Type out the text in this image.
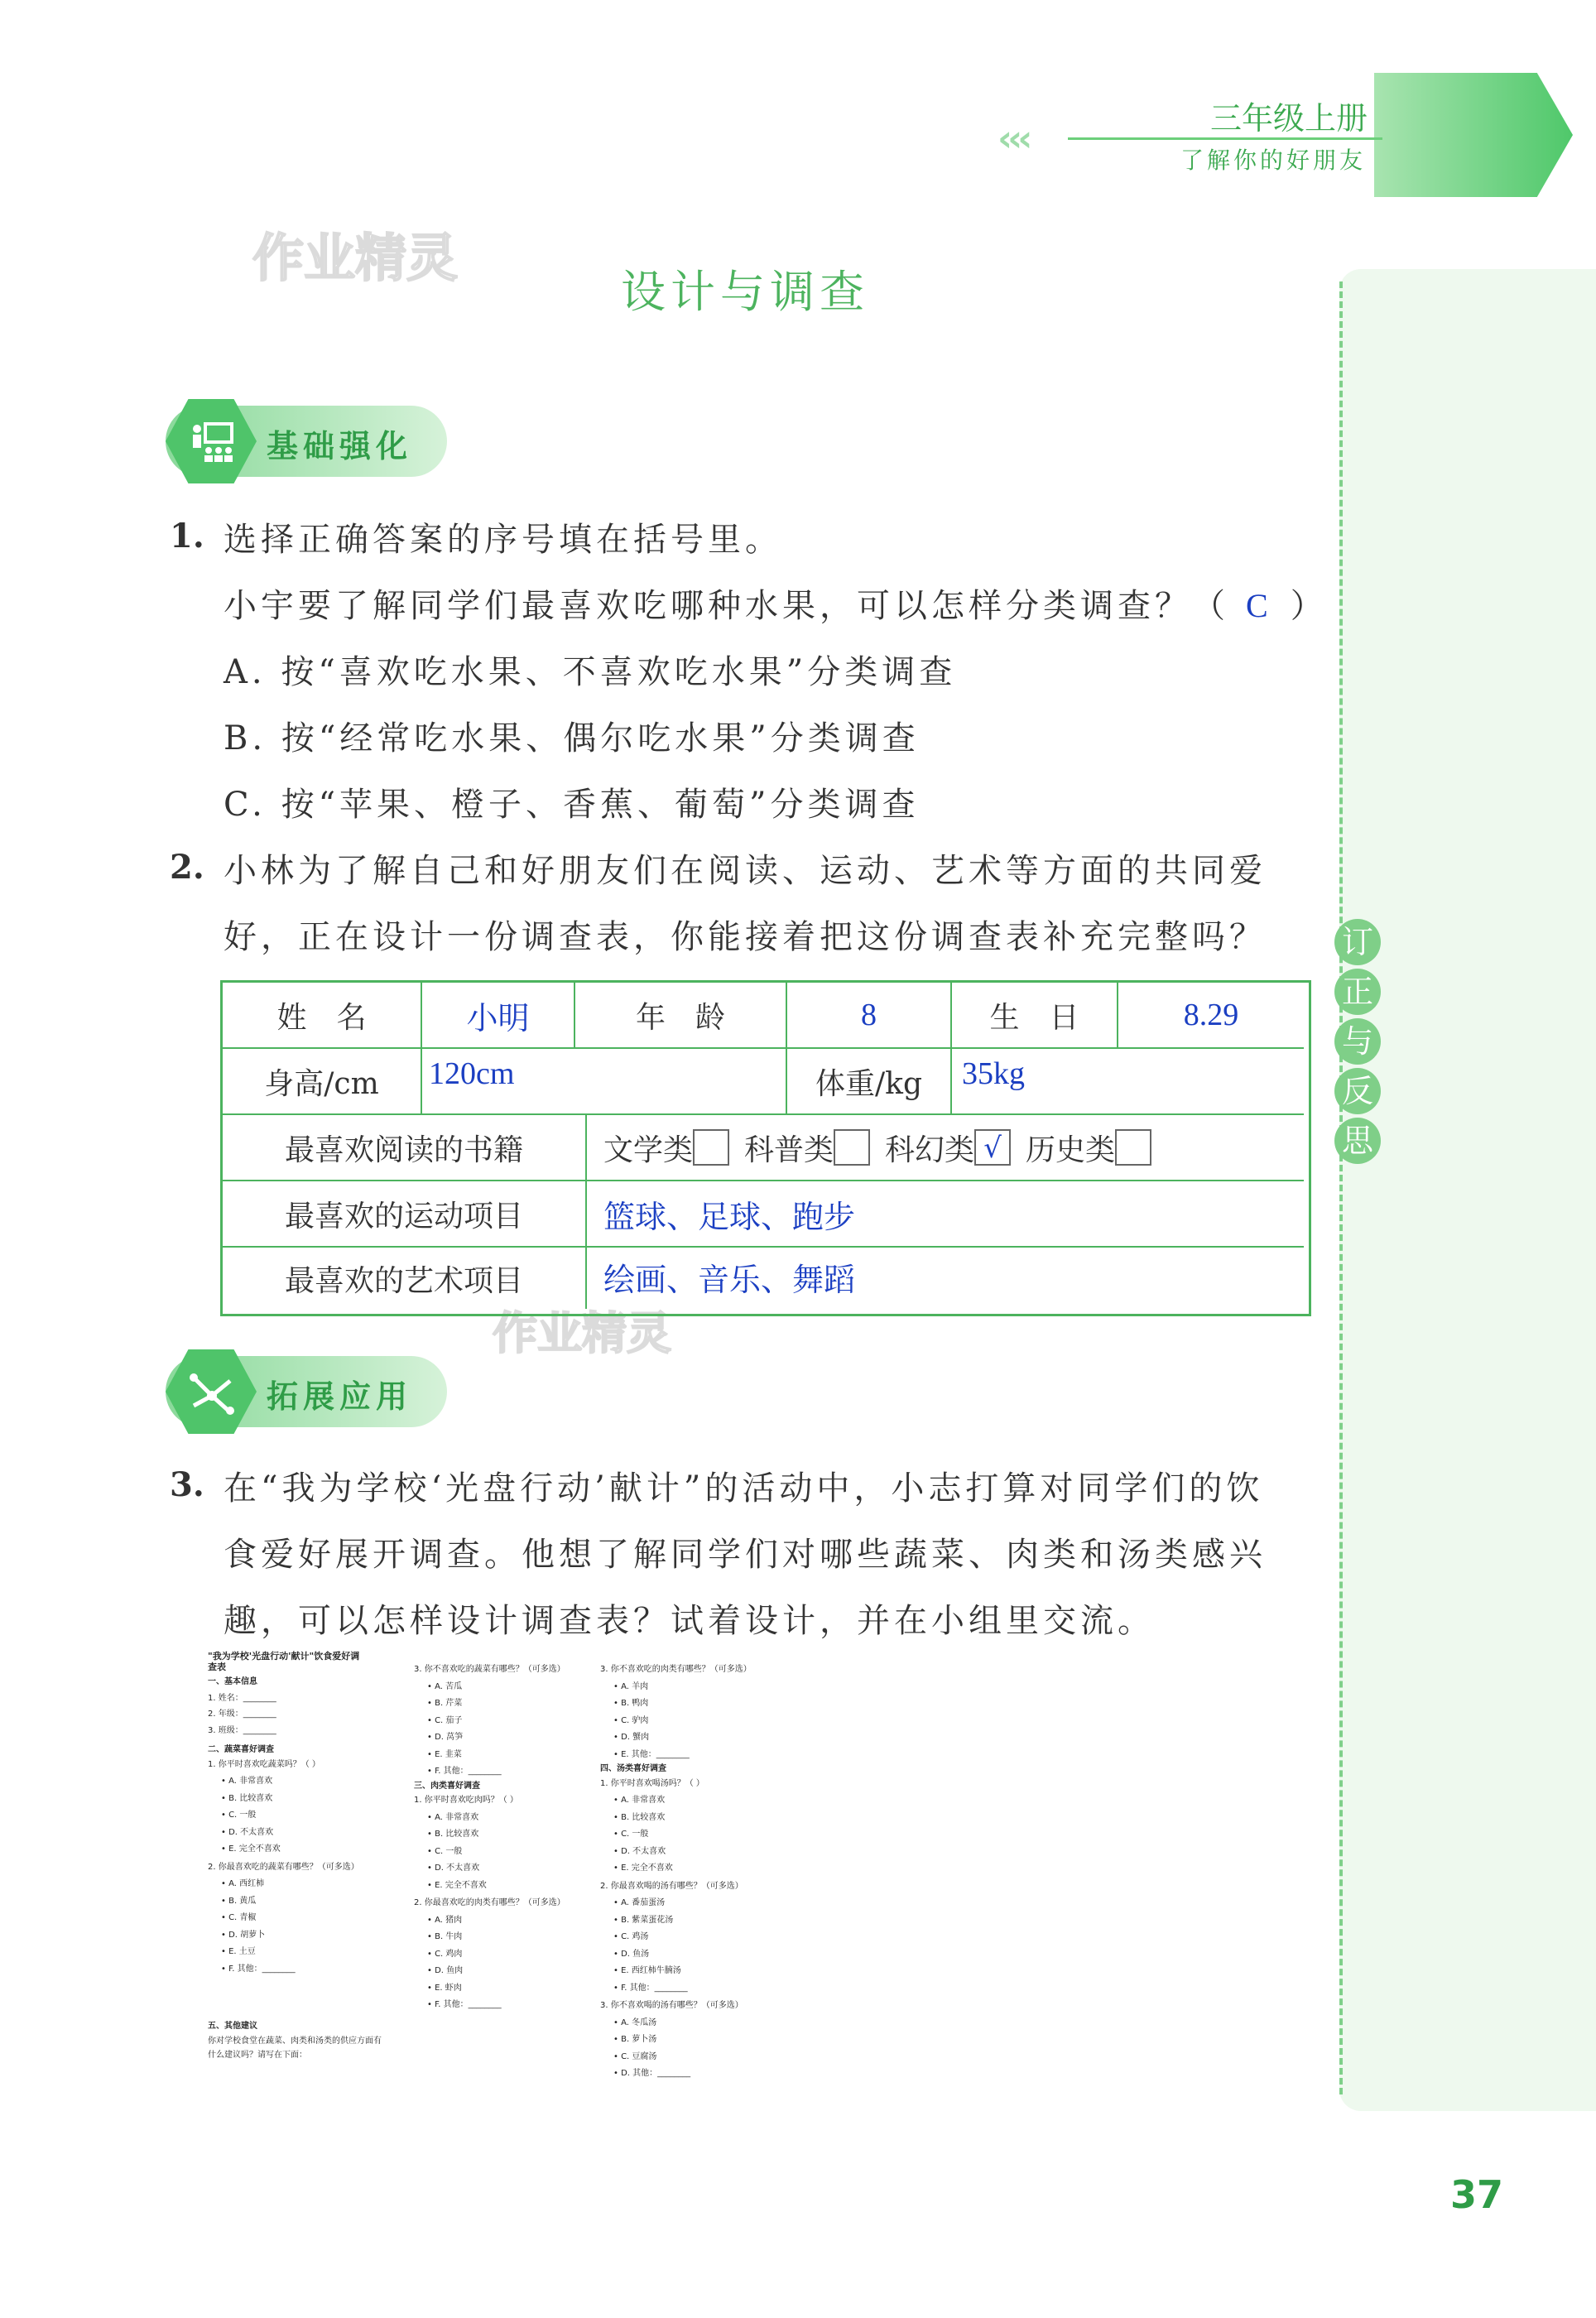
‹‹‹	三年级上册
了解你的好朋友
作业精灵
作业精灵
设计与调查
订
正
与
反
思
基础强化
1. 选择正确答案的序号填在括号里。
小宇要了解同学们最喜欢吃哪种水果，可以怎样分类调查？（ C ）
A. 按“喜欢吃水果、不喜欢吃水果”分类调查
B. 按“经常吃水果、偶尔吃水果”分类调查
C. 按“苹果、橙子、香蕉、葡萄”分类调查
2. 小林为了解自己和好朋友们在阅读、运动、艺术等方面的共同爱
好，正在设计一份调查表，你能接着把这份调查表补充完整吗？
姓　名	小明	年　龄	8	生　日	8.29
身高/cm	120cm	体重/kg	35kg
最喜欢阅读的书籍	文学类 科普类 科幻类 √ 历史类
最喜欢的运动项目	篮球、足球、跑步
最喜欢的艺术项目	绘画、音乐、舞蹈
拓展应用
3. 在“我为学校‘光盘行动’献计”的活动中，小志打算对同学们的饮
食爱好展开调查。他想了解同学们对哪些蔬菜、肉类和汤类感兴
趣，可以怎样设计调查表？试着设计，并在小组里交流。
"我为学校'光盘行动'献计"饮食爱好调
查表
一、基本信息
1. 姓名：________
2. 年级：________
3. 班级：________
二、蔬菜喜好调查
1. 你平时喜欢吃蔬菜吗？（ ）
• A. 非常喜欢
• B. 比较喜欢
• C. 一般
• D. 不太喜欢
• E. 完全不喜欢
2. 你最喜欢吃的蔬菜有哪些？（可多选）
• A. 西红柿
• B. 黄瓜
• C. 青椒
• D. 胡萝卜
• E. 土豆
• F. 其他：________
五、其他建议
你对学校食堂在蔬菜、肉类和汤类的供应方面有
什么建议吗？请写在下面：
3. 你不喜欢吃的蔬菜有哪些？（可多选）
• A. 苦瓜
• B. 芹菜
• C. 茄子
• D. 莴笋
• E. 韭菜
• F. 其他：________
三、肉类喜好调查
1. 你平时喜欢吃肉吗？（ ）
• A. 非常喜欢
• B. 比较喜欢
• C. 一般
• D. 不太喜欢
• E. 完全不喜欢
2. 你最喜欢吃的肉类有哪些？（可多选）
• A. 猪肉
• B. 牛肉
• C. 鸡肉
• D. 鱼肉
• E. 虾肉
• F. 其他：________
3. 你不喜欢吃的肉类有哪些？（可多选）
• A. 羊肉
• B. 鸭肉
• C. 驴肉
• D. 蟹肉
• E. 其他：________
四、汤类喜好调查
1. 你平时喜欢喝汤吗？（ ）
• A. 非常喜欢
• B. 比较喜欢
• C. 一般
• D. 不太喜欢
• E. 完全不喜欢
2. 你最喜欢喝的汤有哪些？（可多选）
• A. 番茄蛋汤
• B. 紫菜蛋花汤
• C. 鸡汤
• D. 鱼汤
• E. 西红柿牛腩汤
• F. 其他：________
3. 你不喜欢喝的汤有哪些？（可多选）
• A. 冬瓜汤
• B. 萝卜汤
• C. 豆腐汤
• D. 其他：________
37
